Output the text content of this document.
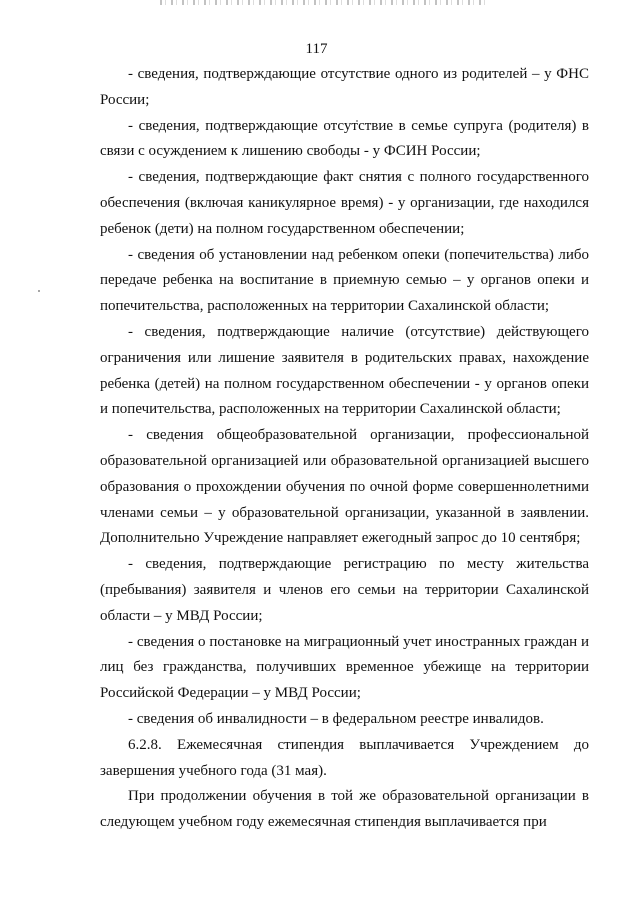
117

- сведения, подтверждающие отсутствие одного из родителей – у ФНС России;

- сведения, подтверждающие отсутствие в семье супруга (родителя) в связи с осуждением к лишению свободы - у ФСИН России;

- сведения, подтверждающие факт снятия с полного государственного обеспечения (включая каникулярное время) - у организации, где находился ребенок (дети) на полном государственном обеспечении;

- сведения об установлении над ребенком опеки (попечительства) либо передаче ребенка на воспитание в приемную семью – у органов опеки и попечительства, расположенных на территории Сахалинской области;

- сведения, подтверждающие наличие (отсутствие) действующего ограничения или лишение заявителя в родительских правах, нахождение ребенка (детей) на полном государственном обеспечении - у органов опеки и попечительства, расположенных на территории Сахалинской области;

- сведения общеобразовательной организации, профессиональной образовательной организацией или образовательной организацией высшего образования о прохождении обучения по очной форме совершеннолетними членами семьи – у образовательной организации, указанной в заявлении. Дополнительно Учреждение направляет ежегодный запрос до 10 сентября;

- сведения, подтверждающие регистрацию по месту жительства (пребывания) заявителя и членов его семьи на территории Сахалинской области – у МВД России;

- сведения о постановке на миграционный учет иностранных граждан и лиц без гражданства, получивших временное убежище на территории Российской Федерации – у МВД России;

- сведения об инвалидности – в федеральном реестре инвалидов.

6.2.8. Ежемесячная стипендия выплачивается Учреждением до завершения учебного года (31 мая).

При продолжении обучения в той же образовательной организации в следующем учебном году ежемесячная стипендия выплачивается при
